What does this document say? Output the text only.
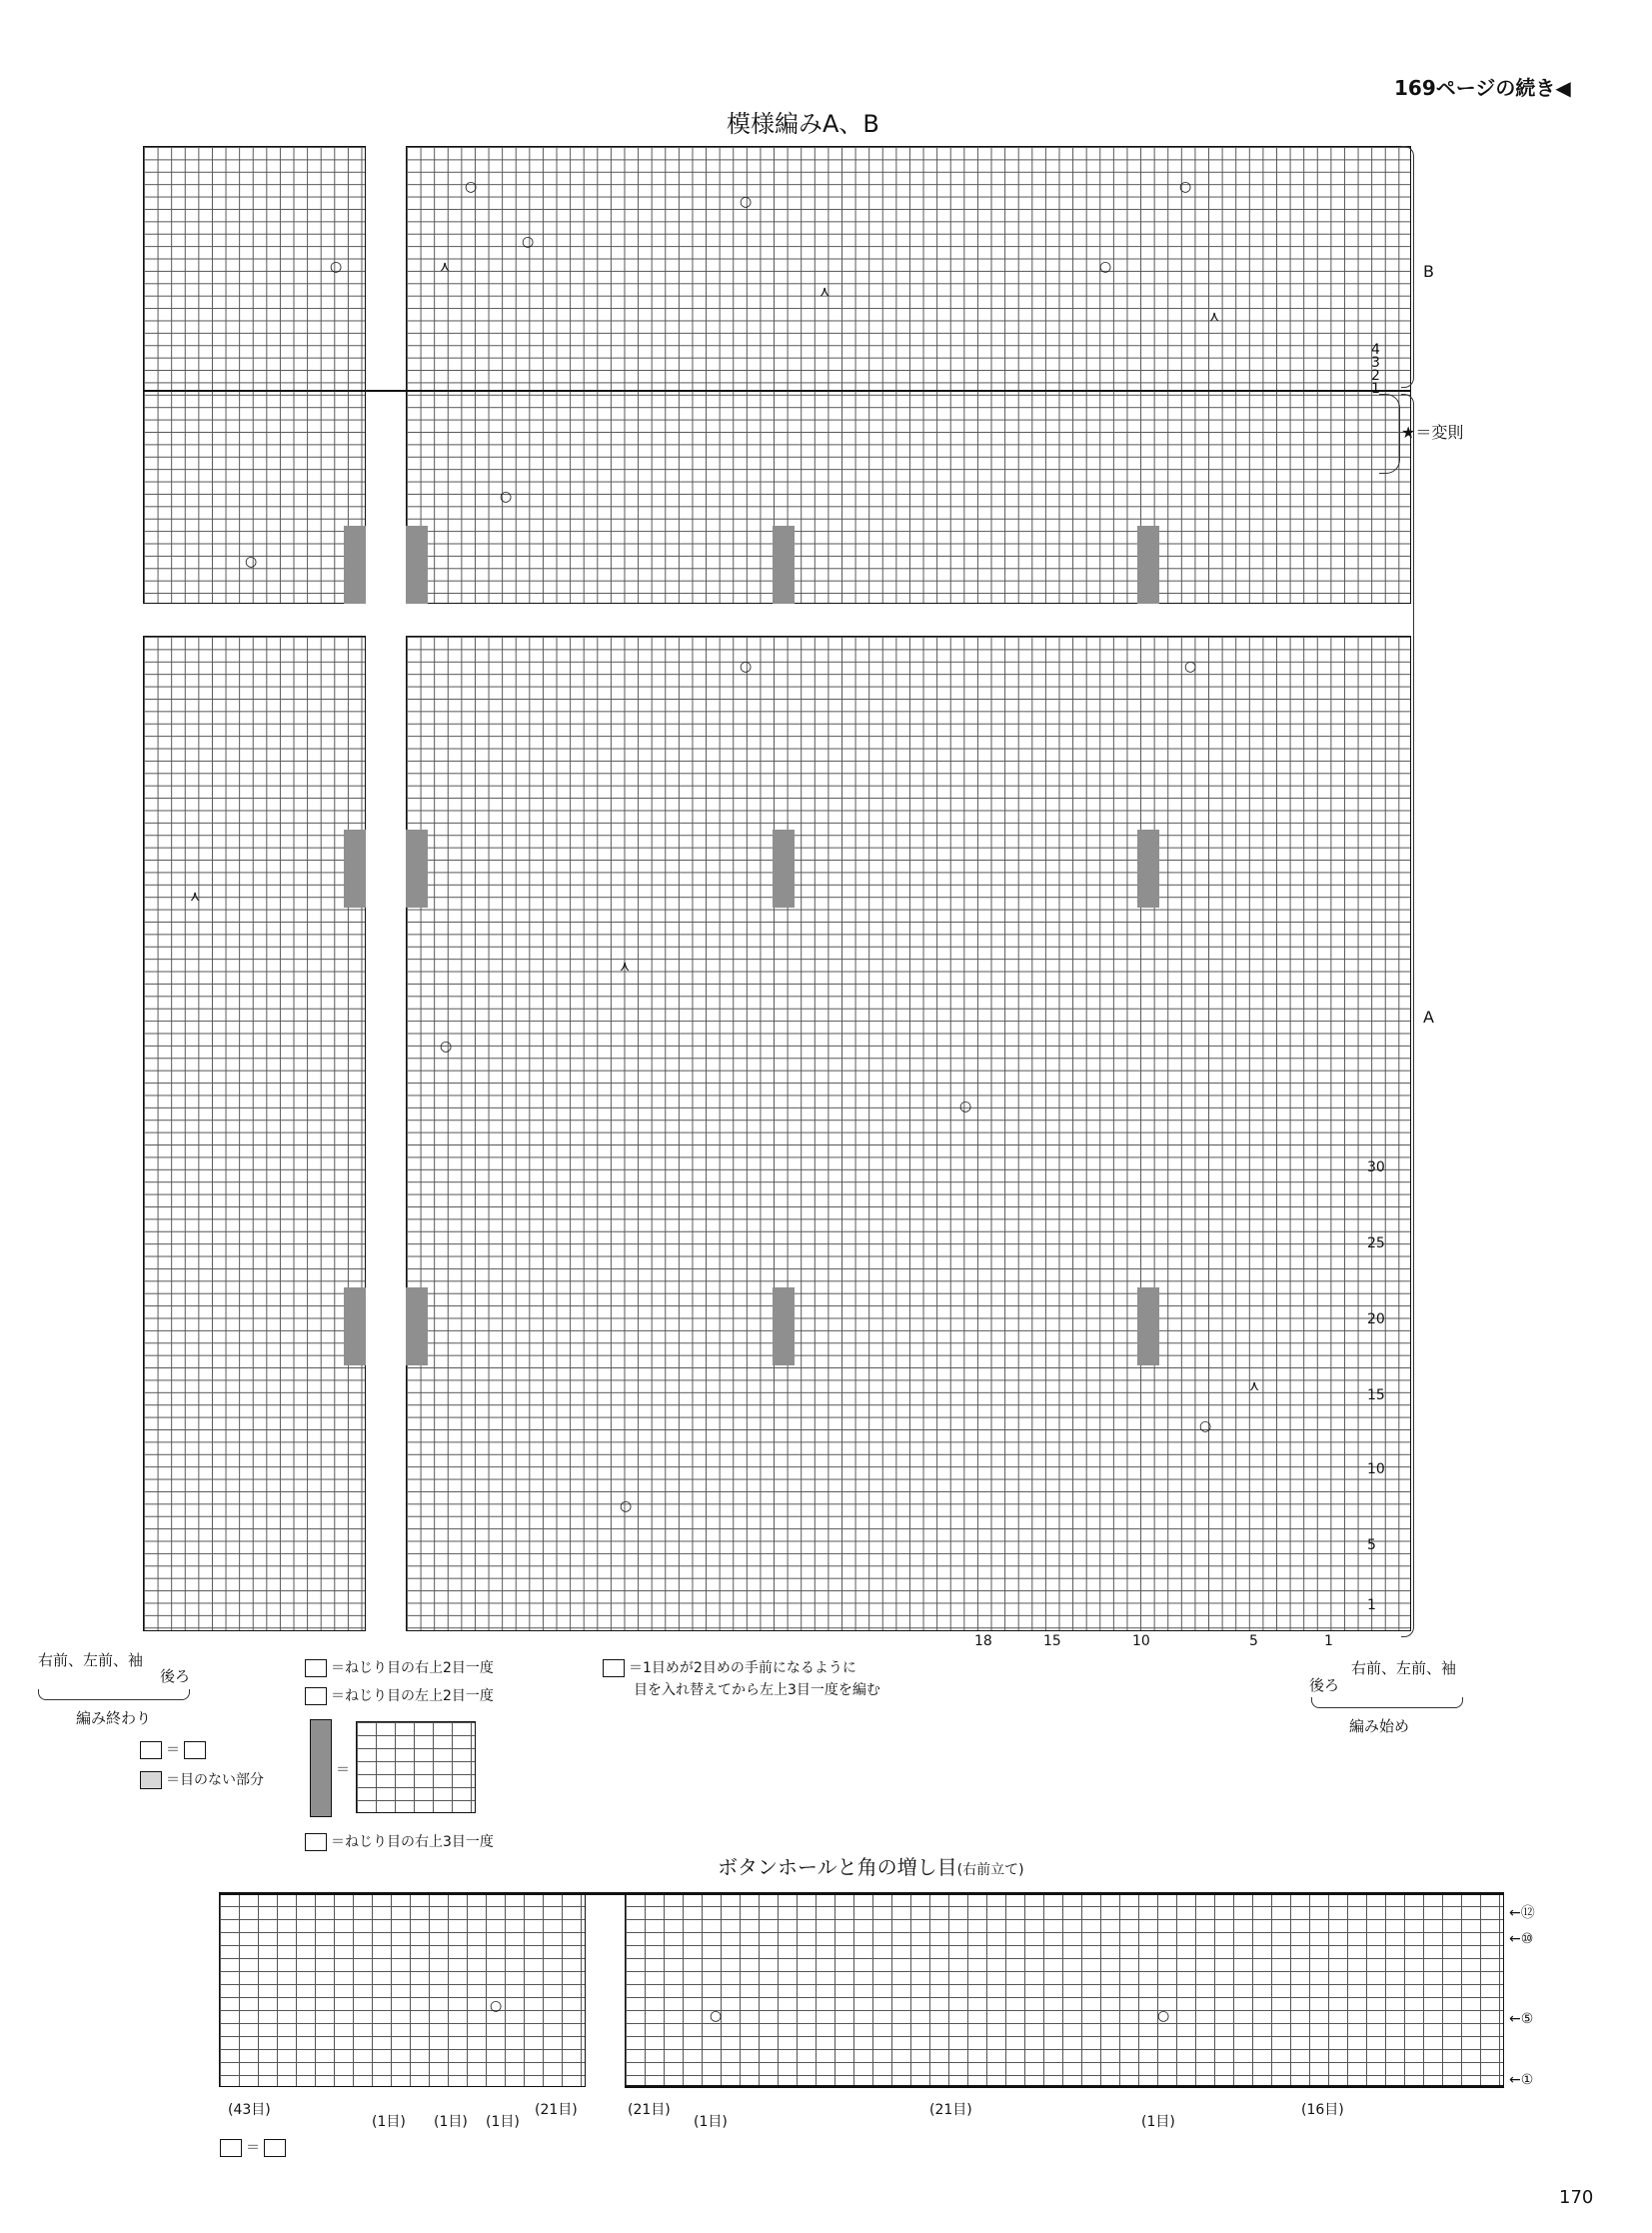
169ページの続き◀
模様編みA、B
○
○
○
○
○
○
○
○
○	○
○
○
○
○
⋏
⋏
⋏
⋏
⋏
⋏
4
3
2
1
30
25
20
15
10
5
1
18	15	10	5	1
B
★＝変則
A
右前、左前、袖
後ろ
編み終わり
右前、左前、袖
後ろ
編み始め
＝ねじり目の右上2目一度
＝ねじり目の左上2目一度
＝1目めが2目めの手前になるように
目を入れ替えてから左上3目一度を編む
＝
＝目のない部分
＝
＝ねじり目の右上3目一度
ボタンホールと角の増し目(右前立て)
○	○
○
←⑫
←⑩
←⑤
←①
(43目)
(1目) (1目) (1目)
(21目)	(21目)
(1目)
(21目)
(1目)
(16目)
＝
170
